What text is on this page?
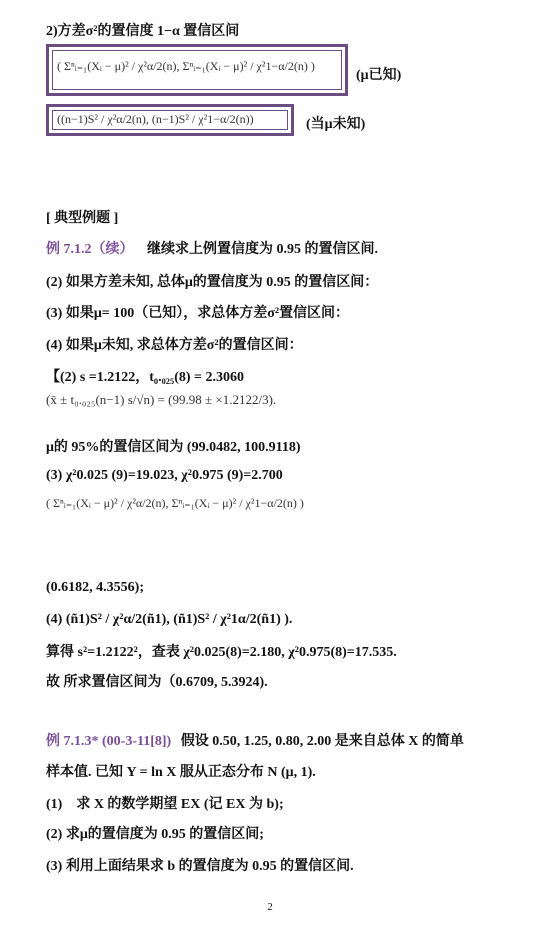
2)方差σ²的置信度 1−α 置信区间
( Σⁿᵢ₌₁(Xᵢ − μ)² / χ²α/2(n), Σⁿᵢ₌₁(Xᵢ − μ)² / χ²1−α/2(n) )
(μ已知)
((n−1)S² / χ²α/2(n), (n−1)S² / χ²1−α/2(n))	(当μ未知)
[ 典型例题 ]
例 7.1.2（续） 继续求上例置信度为 0.95 的置信区间.
(2) 如果方差未知, 总体μ的置信度为 0.95 的置信区间：
(3) 如果μ= 100（已知），求总体方差σ²置信区间：
(4) 如果μ未知, 求总体方差σ²的置信区间：
【(2) s =1.2122，t₀.₀₂₅(8) = 2.3060
(x̄ ± t₀.₀₂₅(n−1) s/√n) = (99.98 ± ×1.2122/3).
μ的 95%的置信区间为 (99.0482, 100.9118)
(3) χ²0.025 (9)=19.023, χ²0.975 (9)=2.700
( Σⁿᵢ₌₁(Xᵢ − μ)² / χ²α/2(n), Σⁿᵢ₌₁(Xᵢ − μ)² / χ²1−α/2(n) )
(0.6182, 4.3556);
(4) (ñ1)S² / χ²α/2(ñ1), (ñ1)S² / χ²1α/2(ñ1) ).
算得 s²=1.2122²，查表 χ²0.025(8)=2.180, χ²0.975(8)=17.535.
故 所求置信区间为（0.6709, 5.3924).
例 7.1.3* (00-3-11[8]) 假设 0.50, 1.25, 0.80, 2.00 是来自总体 X 的简单
样本值. 已知 Y = ln X 服从正态分布 N (μ, 1).
(1)　求 X 的数学期望 EX (记 EX 为 b);
(2) 求μ的置信度为 0.95 的置信区间;
(3) 利用上面结果求 b 的置信度为 0.95 的置信区间.
2
